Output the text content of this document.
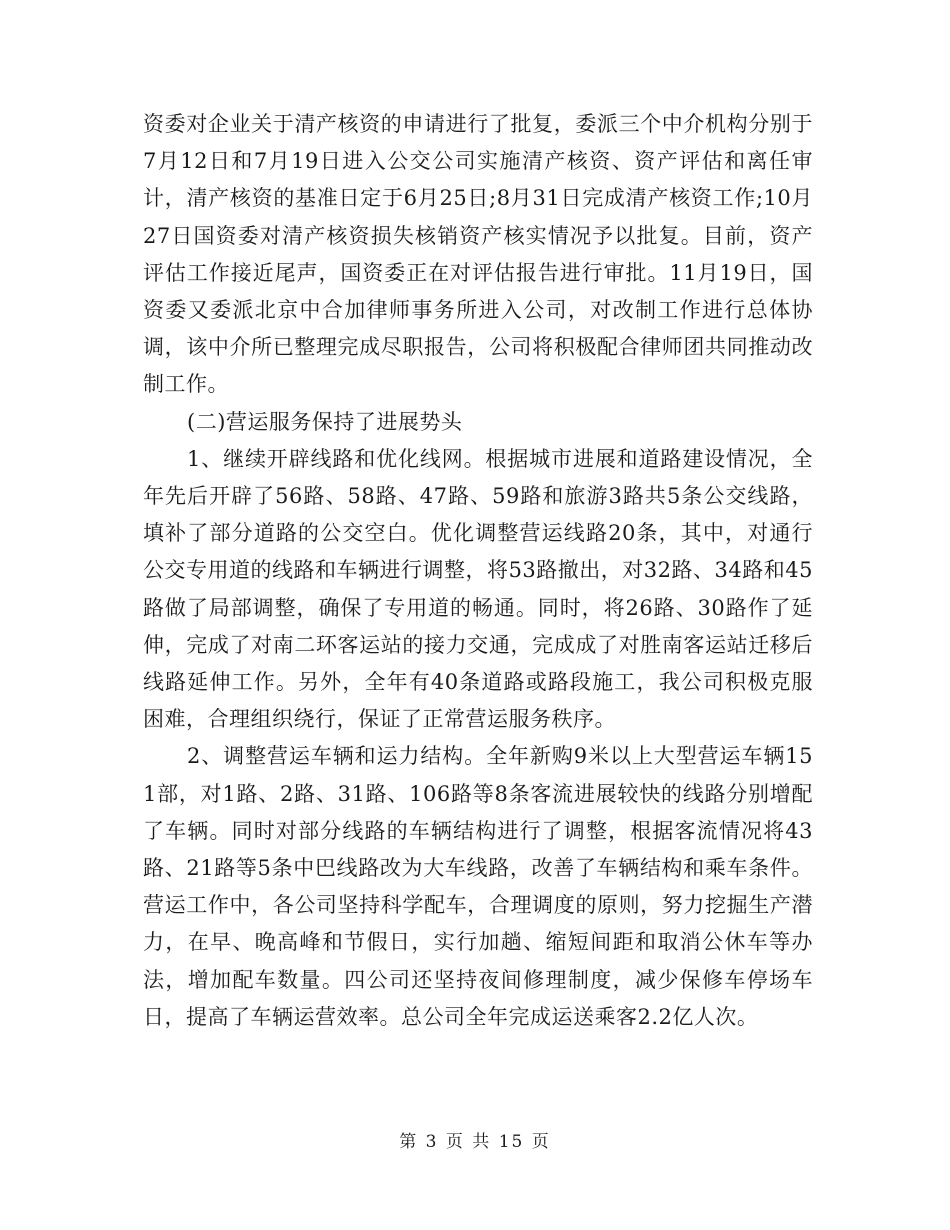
资委对企业关于清产核资的申请进行了批复，委派三个中介机构分别于7月12日和7月19日进入公交公司实施清产核资、资产评估和离任审计，清产核资的基准日定于6月25日;8月31日完成清产核资工作;10月27日国资委对清产核资损失核销资产核实情况予以批复。目前，资产评估工作接近尾声，国资委正在对评估报告进行审批。11月19日，国资委又委派北京中合加律师事务所进入公司，对改制工作进行总体协调，该中介所已整理完成尽职报告，公司将积极配合律师团共同推动改制工作。

(二)营运服务保持了进展势头

1、继续开辟线路和优化线网。根据城市进展和道路建设情况，全年先后开辟了56路、58路、47路、59路和旅游3路共5条公交线路，填补了部分道路的公交空白。优化调整营运线路20条，其中，对通行公交专用道的线路和车辆进行调整，将53路撤出，对32路、34路和45路做了局部调整，确保了专用道的畅通。同时，将26路、30路作了延伸，完成了对南二环客运站的接力交通，完成成了对胜南客运站迁移后线路延伸工作。另外，全年有40条道路或路段施工，我公司积极克服困难，合理组织绕行，保证了正常营运服务秩序。

2、调整营运车辆和运力结构。全年新购9米以上大型营运车辆151部，对1路、2路、31路、106路等8条客流进展较快的线路分别增配了车辆。同时对部分线路的车辆结构进行了调整，根据客流情况将43路、21路等5条中巴线路改为大车线路，改善了车辆结构和乘车条件。营运工作中，各公司坚持科学配车，合理调度的原则，努力挖掘生产潜力，在早、晚高峰和节假日，实行加趟、缩短间距和取消公休车等办法，增加配车数量。四公司还坚持夜间修理制度，减少保修车停场车日，提高了车辆运营效率。总公司全年完成运送乘客2.2亿人次。

第 3 页 共 15 页
